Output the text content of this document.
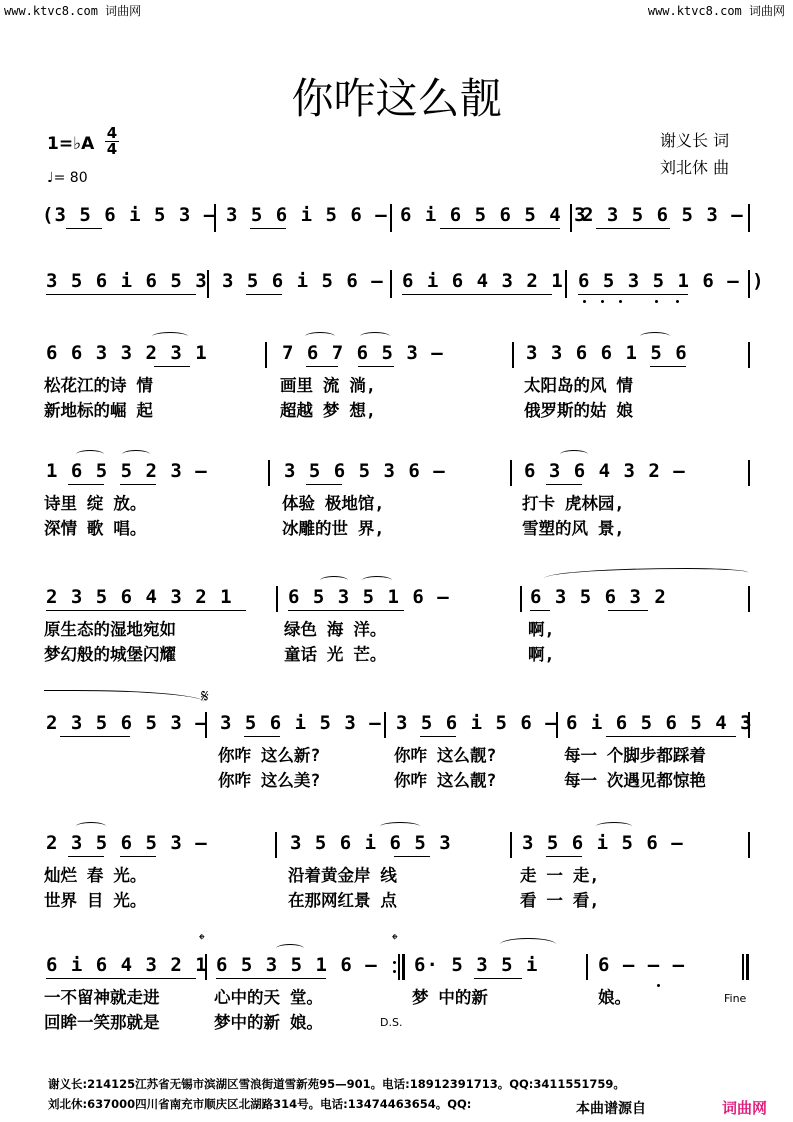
www.ktvc8.com 词曲网	www.ktvc8.com 词曲网
你咋这么靓
1=♭A
4
4
♩= 80
谢义长 词
刘北休 曲
(3 5 6 i 5 3 – 3 5 6 i 5 6 – 6 i 6 5 6 5 4 3
2 3 5 6 5 3 –
3 5 6 i 6 5 3 3 5 6 i 5 6 – 6 i 6 4 3 2 1 6 5 3 5 1 6 – )
6 6 3 3 2 3 1	7 6 7 6 5 3 –	3 3 6 6 1 5 6
松花江的诗 情	画里 流 淌,	太阳岛的风 情
新地标的崛 起	超越 梦 想,	俄罗斯的姑 娘
1 6 5 5 2 3 –	3 5 6 5 3 6 –	6 3 6 4 3 2 –
诗里 绽 放。	体验 极地馆,	打卡 虎林园,
深情 歌 唱。	冰雕的世 界,	雪塑的风 景,
2 3 5 6 4 3 2 1	6 5 3 5 1 6 –	6 3 5 6 3 2
原生态的湿地宛如	绿色 海 洋。	啊,
梦幻般的城堡闪耀	童话 光 芒。	啊,
𝄋
2 3 5 6 5 3 – 3 5 6 i 5 3 – 3 5 6 i 5 6 – 6 i 6 5 6 5 4 3
你咋 这么新?	你咋 这么靓?	每一 个脚步都踩着
你咋 这么美?	你咋 这么靓?	每一 次遇见都惊艳
2 3 5 6 5 3 –	3 5 6 i 6 5 3	3 5 6 i 5 6 –
灿烂 春 光。	沿着黄金岸 线	走 一 走,
世界 目 光。	在那网红景 点	看 一 看,
𝄌	𝄌
6 i 6 4 3 2 1 6 5 3 5 1 6 – 6· 5 3 5 i	6 – – –
一不留神就走进	心中的天 堂。	梦 中的新	娘。
回眸一笑那就是	梦中的新 娘。	D.S.
Fine
谢义长:214125江苏省无锡市滨湖区雪浪街道雪新苑95—901。电话:18912391713。QQ:3411551759。
刘北休:637000四川省南充市顺庆区北湖路314号。电话:13474463654。QQ:	本曲谱源自	词曲网
